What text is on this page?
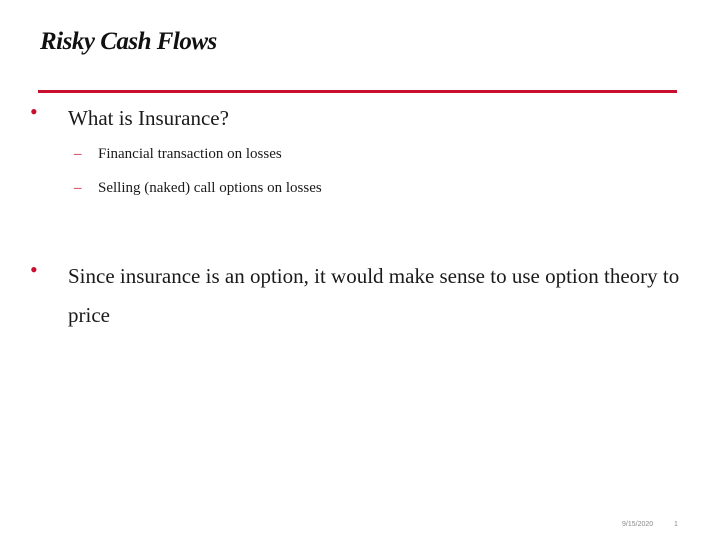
Risky Cash Flows
• What is Insurance?
– Financial transaction on losses
– Selling (naked) call options on losses
• Since insurance is an option, it would make sense to use option theory to price
9/15/2020	1
